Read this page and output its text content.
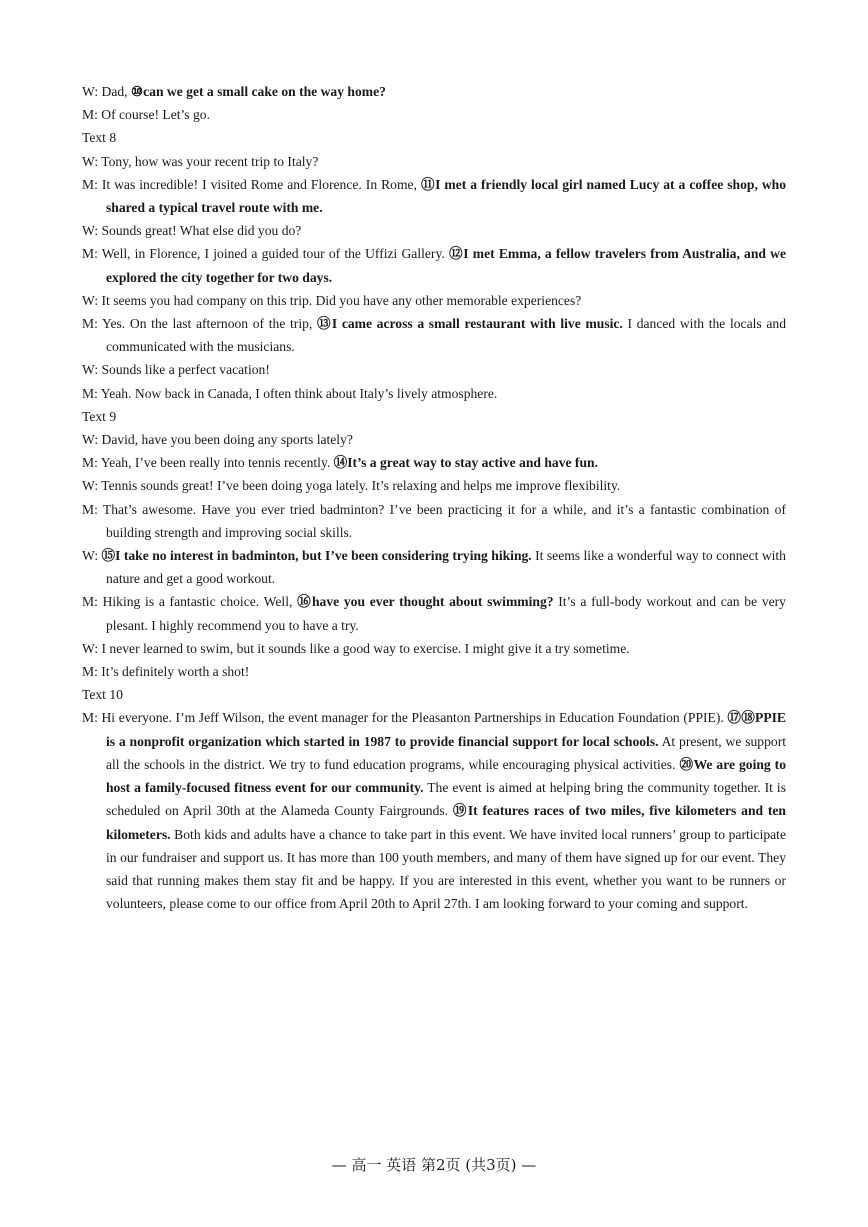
W: Dad, ⑩can we get a small cake on the way home?

M: Of course! Let’s go.

Text 8

W: Tony, how was your recent trip to Italy?

M: It was incredible! I visited Rome and Florence. In Rome, ⑪I met a friendly local girl named Lucy at a coffee shop, who shared a typical travel route with me.

W: Sounds great! What else did you do?

M: Well, in Florence, I joined a guided tour of the Uffizi Gallery. ⑫I met Emma, a fellow travelers from Australia, and we explored the city together for two days.

W: It seems you had company on this trip. Did you have any other memorable experiences?

M: Yes. On the last afternoon of the trip, ⑬I came across a small restaurant with live music. I danced with the locals and communicated with the musicians.

W: Sounds like a perfect vacation!

M: Yeah. Now back in Canada, I often think about Italy’s lively atmosphere.

Text 9

W: David, have you been doing any sports lately?

M: Yeah, I’ve been really into tennis recently. ⑭It’s a great way to stay active and have fun.

W: Tennis sounds great! I’ve been doing yoga lately. It’s relaxing and helps me improve flexibility.

M: That’s awesome. Have you ever tried badminton? I’ve been practicing it for a while, and it’s a fantastic combination of building strength and improving social skills.

W: ⑮I take no interest in badminton, but I’ve been considering trying hiking. It seems like a wonderful way to connect with nature and get a good workout.

M: Hiking is a fantastic choice. Well, ⑯have you ever thought about swimming? It’s a full-body workout and can be very plesant. I highly recommend you to have a try.

W: I never learned to swim, but it sounds like a good way to exercise. I might give it a try sometime.

M: It’s definitely worth a shot!

Text 10

M: Hi everyone. I’m Jeff Wilson, the event manager for the Pleasanton Partnerships in Education Foundation (PPIE). ⑰⑱PPIE is a nonprofit organization which started in 1987 to provide financial support for local schools. At present, we support all the schools in the district. We try to fund education programs, while encouraging physical activities. ⑳We are going to host a family-focused fitness event for our community. The event is aimed at helping bring the community together. It is scheduled on April 30th at the Alameda County Fairgrounds. ⑲It features races of two miles, five kilometers and ten kilometers. Both kids and adults have a chance to take part in this event. We have invited local runners’ group to participate in our fundraiser and support us. It has more than 100 youth members, and many of them have signed up for our event. They said that running makes them stay fit and be happy. If you are interested in this event, whether you want to be runners or volunteers, please come to our office from April 20th to April 27th. I am looking forward to your coming and support.

— 高一 英语 第2页 (共3页) —
